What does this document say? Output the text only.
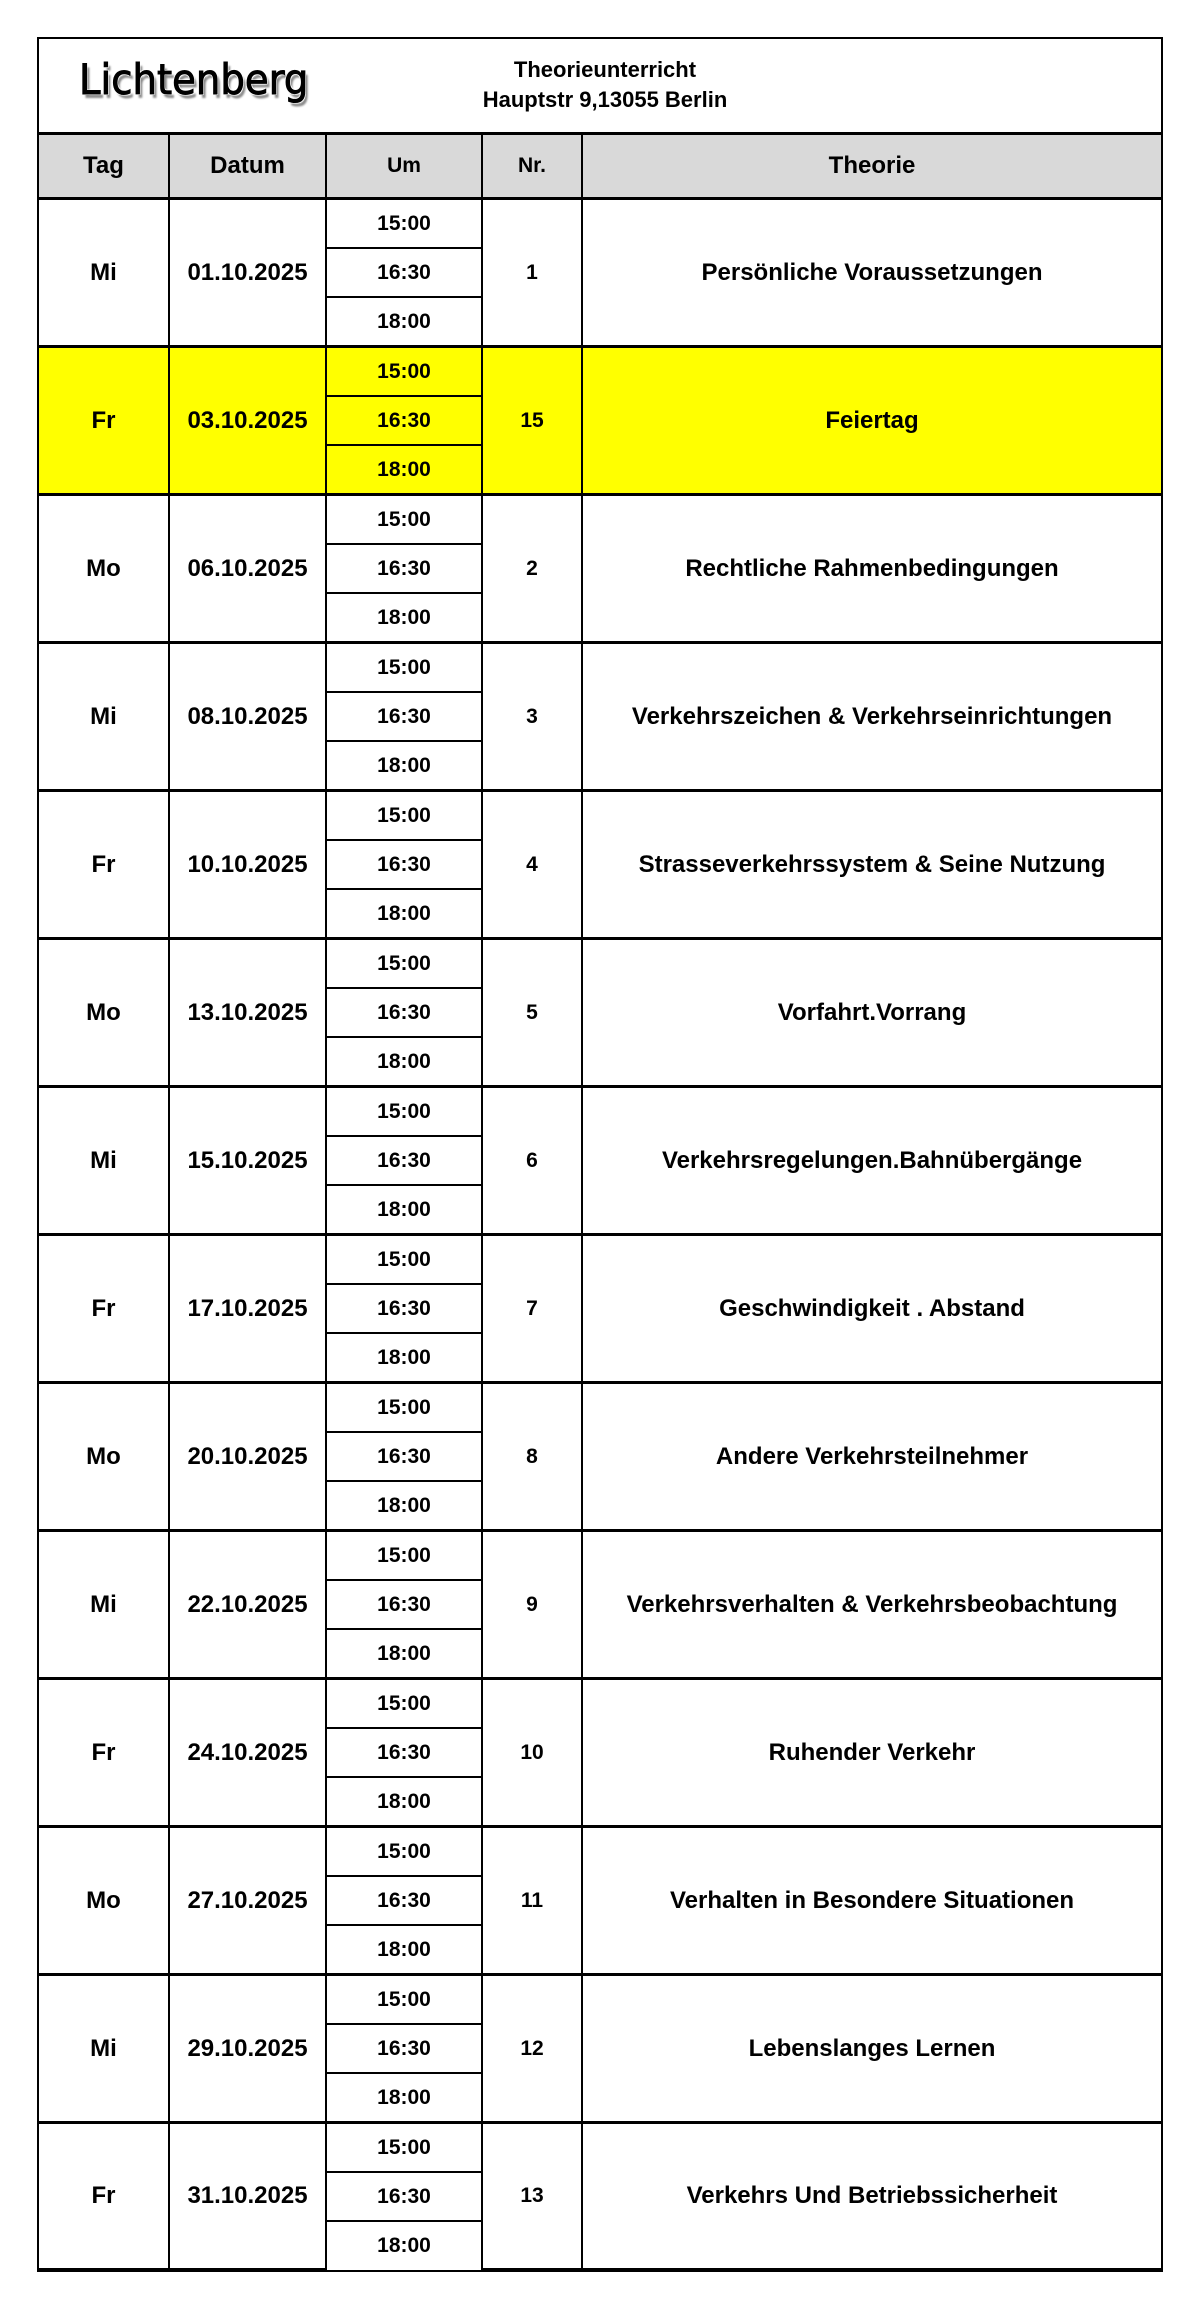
Lichtenberg	Theorieunterricht
Hauptstr 9,13055 Berlin
Tag	Datum	Um	Nr.	Theorie
Mi	01.10.2025	15:00	1	Persönliche Voraussetzungen
		16:30		
		18:00		
Fr	03.10.2025	15:00	15	Feiertag
		16:30		
		18:00		
Mo	06.10.2025	15:00	2	Rechtliche Rahmenbedingungen
		16:30		
		18:00		
Mi	08.10.2025	15:00	3	Verkehrszeichen & Verkehrseinrichtungen
		16:30		
		18:00		
Fr	10.10.2025	15:00	4	Strasseverkehrssystem & Seine Nutzung
		16:30		
		18:00		
Mo	13.10.2025	15:00	5	Vorfahrt.Vorrang
		16:30		
		18:00		
Mi	15.10.2025	15:00	6	Verkehrsregelungen.Bahnübergänge
		16:30		
		18:00		
Fr	17.10.2025	15:00	7	Geschwindigkeit . Abstand
		16:30		
		18:00		
Mo	20.10.2025	15:00	8	Andere Verkehrsteilnehmer
		16:30		
		18:00		
Mi	22.10.2025	15:00	9	Verkehrsverhalten & Verkehrsbeobachtung
		16:30		
		18:00		
Fr	24.10.2025	15:00	10	Ruhender Verkehr
		16:30		
		18:00		
Mo	27.10.2025	15:00	11	Verhalten in Besondere Situationen
		16:30		
		18:00		
Mi	29.10.2025	15:00	12	Lebenslanges Lernen
		16:30		
		18:00		
Fr	31.10.2025	15:00	13	Verkehrs Und Betriebssicherheit
		16:30		
		18:00		
